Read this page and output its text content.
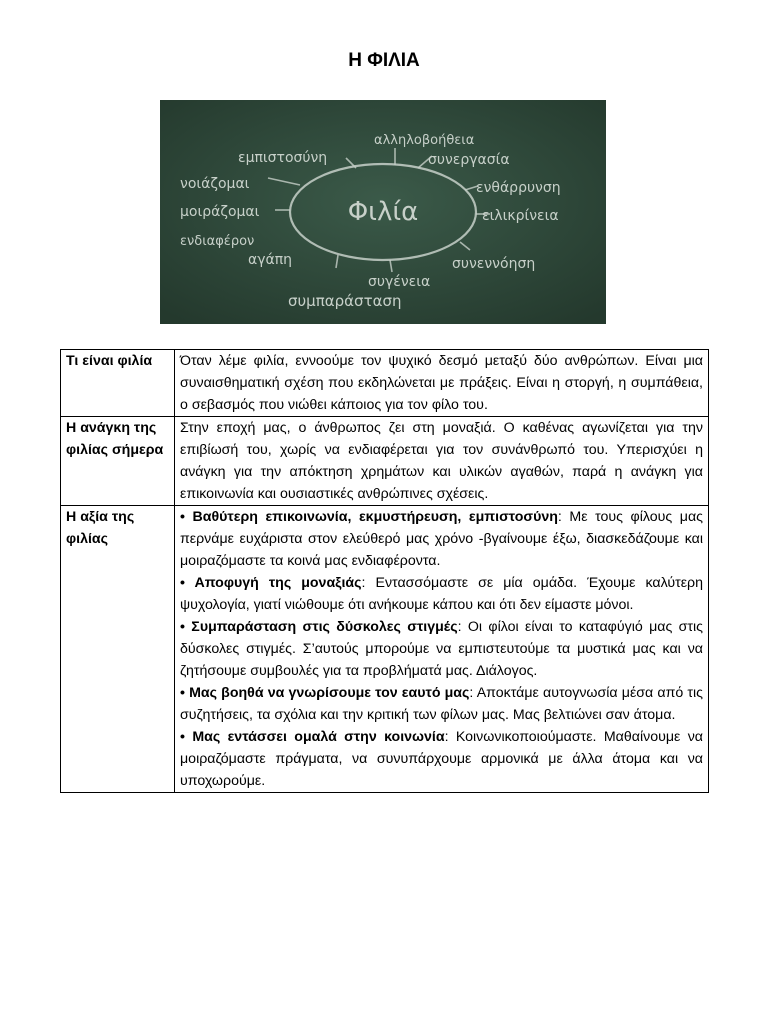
Η ΦΙΛΙΑ
Φιλία
αλληλοβοήθεια
εμπιστοσύνη	συνεργασία
νοιάζομαι	ενθάρρυνση
μοιράζομαι	ειλικρίνεια
ενδιαφέρον
αγάπη	συνεννόηση
συγένεια
συμπαράσταση
Τι είναι φιλία	Όταν λέμε φιλία, εννοούμε τον ψυχικό δεσμό μεταξύ δύο ανθρώπων. Είναι μια συναισθηματική σχέση που εκδηλώνεται με πράξεις. Είναι η στοργή, η συμπάθεια, ο σεβασμός που νιώθει κάποιος για τον φίλο του.
Η ανάγκη της φιλίας σήμερα	Στην εποχή μας, ο άνθρωπος ζει στη μοναξιά. Ο καθένας αγωνίζεται για την επιβίωσή του, χωρίς να ενδιαφέρεται για τον συνάνθρωπό του. Υπερισχύει η ανάγκη για την απόκτηση χρημάτων και υλικών αγαθών, παρά η ανάγκη για επικοινωνία και ουσιαστικές ανθρώπινες σχέσεις.
Η αξία της φιλίας	• Βαθύτερη επικοινωνία, εκμυστήρευση, εμπιστοσύνη: Με τους φίλους μας περνάμε ευχάριστα στον ελεύθερό μας χρόνο -βγαίνουμε έξω, διασκεδάζουμε και μοιραζόμαστε τα κοινά μας ενδιαφέροντα.

• Αποφυγή της μοναξιάς: Εντασσόμαστε σε μία ομάδα. Έχουμε καλύτερη ψυχολογία, γιατί νιώθουμε ότι ανήκουμε κάπου και ότι δεν είμαστε μόνοι.

• Συμπαράσταση στις δύσκολες στιγμές: Οι φίλοι είναι το καταφύγιό μας στις δύσκολες στιγμές. Σ’αυτούς μπορούμε να εμπιστευτούμε τα μυστικά μας και να ζητήσουμε συμβουλές για τα προβλήματά μας. Διάλογος.

• Μας βοηθά να γνωρίσουμε τον εαυτό μας: Αποκτάμε αυτογνωσία μέσα από τις συζητήσεις, τα σχόλια και την κριτική των φίλων μας. Μας βελτιώνει σαν άτομα.

• Μας εντάσσει ομαλά στην κοινωνία: Κοινωνικοποιούμαστε. Μαθαίνουμε να μοιραζόμαστε πράγματα, να συνυπάρχουμε αρμονικά με άλλα άτομα και να υποχωρούμε.
